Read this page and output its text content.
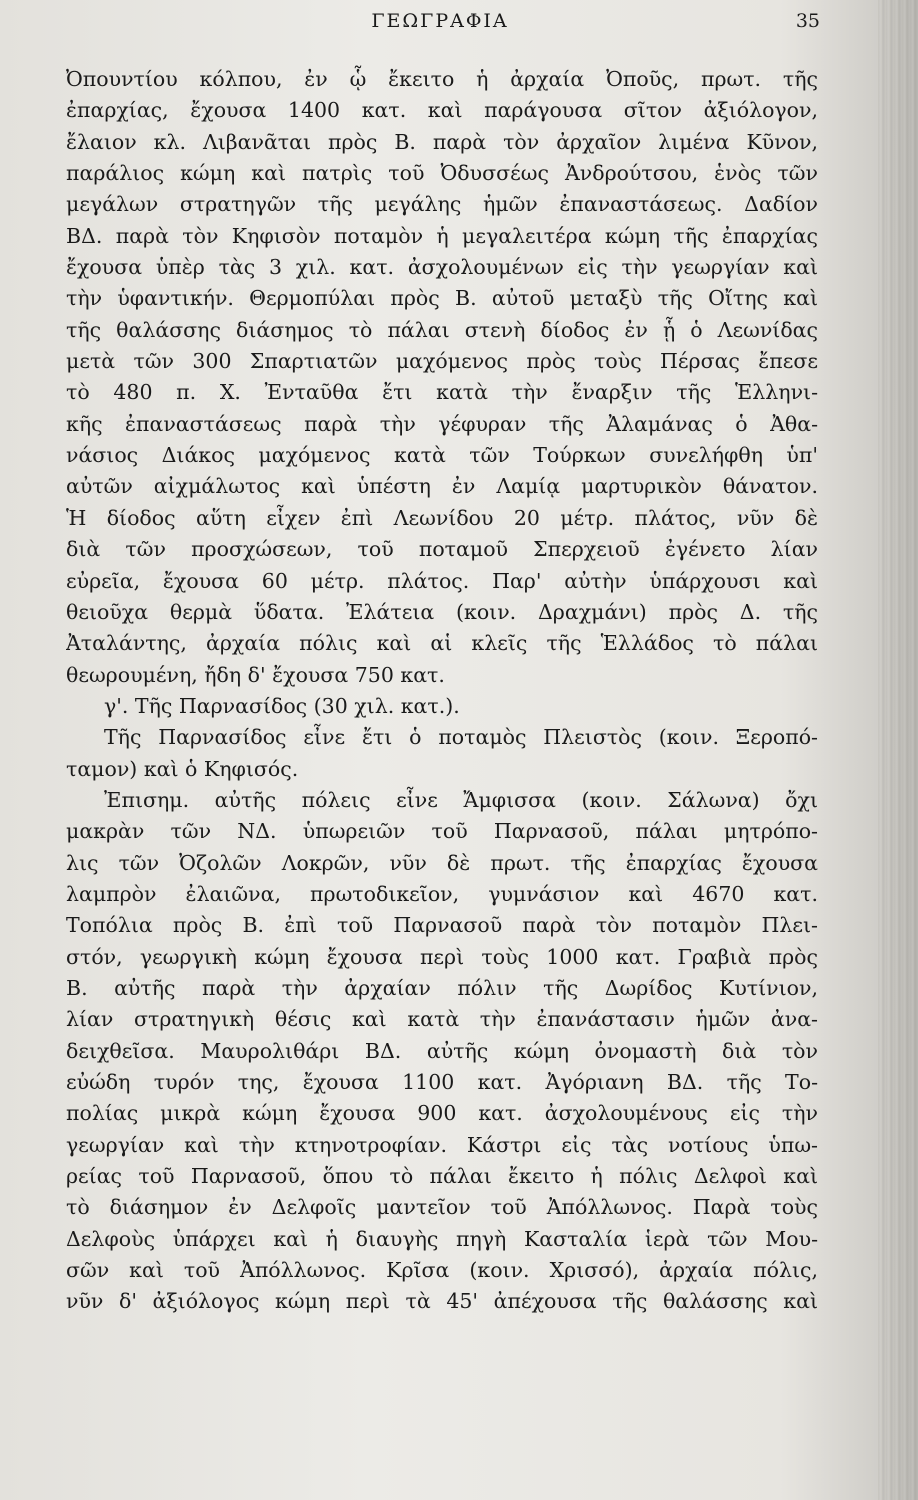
ΓΕΩΓΡΑΦΙΑ	35
Ὀπουντίου κόλπου, ἐν ᾧ ἔκειτο ἡ ἀρχαία Ὀποῦς, πρωτ. τῆς
ἐπαρχίας, ἔχουσα 1400 κατ. καὶ παράγουσα σῖτον ἀξιόλογον,
ἔλαιον κλ. Λιβανᾶται πρὸς Β. παρὰ τὸν ἀρχαῖον λιμένα Κῦνον,
παράλιος κώμη καὶ πατρὶς τοῦ Ὀδυσσέως Ἀνδρούτσου, ἑνὸς τῶν
μεγάλων στρατηγῶν τῆς μεγάλης ἡμῶν ἐπαναστάσεως. Δαδίον
ΒΔ. παρὰ τὸν Κηφισὸν ποταμὸν ἡ μεγαλειτέρα κώμη τῆς ἐπαρχίας
ἔχουσα ὑπὲρ τὰς 3 χιλ. κατ. ἀσχολουμένων εἰς τὴν γεωργίαν καὶ
τὴν ὑφαντικήν. Θερμοπύλαι πρὸς Β. αὐτοῦ μεταξὺ τῆς Οἴτης καὶ
τῆς θαλάσσης διάσημος τὸ πάλαι στενὴ δίοδος ἐν ᾗ ὁ Λεωνίδας
μετὰ τῶν 300 Σπαρτιατῶν μαχόμενος πρὸς τοὺς Πέρσας ἔπεσε
τὸ 480 π. Χ. Ἐνταῦθα ἔτι κατὰ τὴν ἔναρξιν τῆς Ἑλληνι-
κῆς ἐπαναστάσεως παρὰ τὴν γέφυραν τῆς Ἀλαμάνας ὁ Ἀθα-
νάσιος Διάκος μαχόμενος κατὰ τῶν Τούρκων συνελήφθη ὑπ'
αὐτῶν αἰχμάλωτος καὶ ὑπέστη ἐν Λαμίᾳ μαρτυρικὸν θάνατον.
Ἡ δίοδος αὕτη εἶχεν ἐπὶ Λεωνίδου 20 μέτρ. πλάτος, νῦν δὲ
διὰ τῶν προσχώσεων, τοῦ ποταμοῦ Σπερχειοῦ ἐγένετο λίαν
εὐρεῖα, ἔχουσα 60 μέτρ. πλάτος. Παρ' αὐτὴν ὑπάρχουσι καὶ
θειοῦχα θερμὰ ὕδατα. Ἐλάτεια (κοιν. Δραχμάνι) πρὸς Δ. τῆς
Ἀταλάντης, ἀρχαία πόλις καὶ αἱ κλεῖς τῆς Ἑλλάδος τὸ πάλαι
θεωρουμένη, ἤδη δ' ἔχουσα 750 κατ.
γ'. Τῆς Παρνασίδος (30 χιλ. κατ.).
Τῆς Παρνασίδος εἶνε ἔτι ὁ ποταμὸς Πλειστὸς (κοιν. Ξεροπό-
ταμον) καὶ ὁ Κηφισός.
Ἐπισημ. αὐτῆς πόλεις εἶνε Ἄμφισσα (κοιν. Σάλωνα) ὄχι
μακρὰν τῶν ΝΔ. ὑπωρειῶν τοῦ Παρνασοῦ, πάλαι μητρόπο-
λις τῶν Ὀζολῶν Λοκρῶν, νῦν δὲ πρωτ. τῆς ἐπαρχίας ἔχουσα
λαμπρὸν ἐλαιῶνα, πρωτοδικεῖον, γυμνάσιον καὶ 4670 κατ.
Τοπόλια πρὸς Β. ἐπὶ τοῦ Παρνασοῦ παρὰ τὸν ποταμὸν Πλει-
στόν, γεωργικὴ κώμη ἔχουσα περὶ τοὺς 1000 κατ. Γραβιὰ πρὸς
Β. αὐτῆς παρὰ τὴν ἀρχαίαν πόλιν τῆς Δωρίδος Κυτίνιον,
λίαν στρατηγικὴ θέσις καὶ κατὰ τὴν ἐπανάστασιν ἡμῶν ἀνα-
δειχθεῖσα. Μαυρολιθάρι ΒΔ. αὐτῆς κώμη ὀνομαστὴ διὰ τὸν
εὐώδη τυρόν της, ἔχουσα 1100 κατ. Ἀγόριανη ΒΔ. τῆς Το-
πολίας μικρὰ κώμη ἔχουσα 900 κατ. ἀσχολουμένους εἰς τὴν
γεωργίαν καὶ τὴν κτηνοτροφίαν. Κάστρι εἰς τὰς νοτίους ὑπω-
ρείας τοῦ Παρνασοῦ, ὅπου τὸ πάλαι ἔκειτο ἡ πόλις Δελφοὶ καὶ
τὸ διάσημον ἐν Δελφοῖς μαντεῖον τοῦ Ἀπόλλωνος. Παρὰ τοὺς
Δελφοὺς ὑπάρχει καὶ ἡ διαυγὴς πηγὴ Κασταλία ἱερὰ τῶν Μου-
σῶν καὶ τοῦ Ἀπόλλωνος. Κρῖσα (κοιν. Χρισσό), ἀρχαία πόλις,
νῦν δ' ἀξιόλογος κώμη περὶ τὰ 45' ἀπέχουσα τῆς θαλάσσης καὶ
